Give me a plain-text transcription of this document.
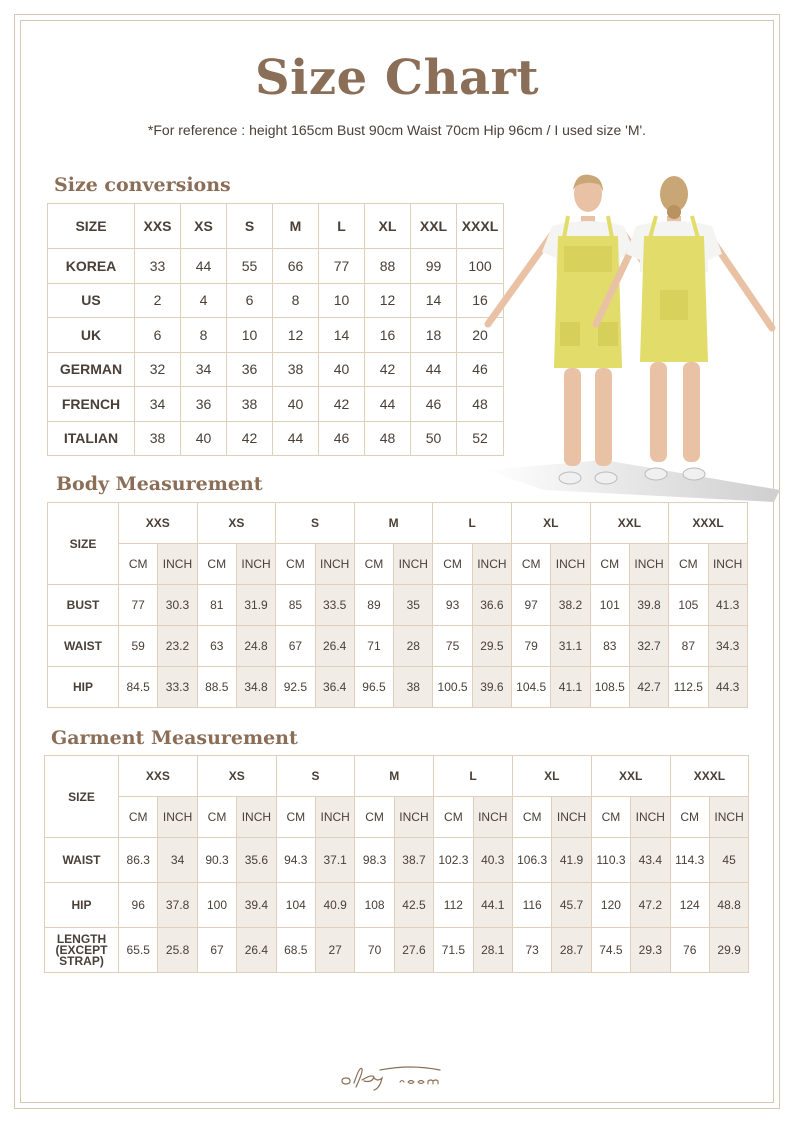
Size Chart
*For reference : height 165cm Bust 90cm Waist 70cm Hip 96cm / I used size 'M'.
Size conversions
SIZE	XXS	XS	S	M	L	XL	XXL	XXXL
KOREA	33	44	55	66	77	88	99	100
US	2	4	6	8	10	12	14	16
UK	6	8	10	12	14	16	18	20
GERMAN	32	34	36	38	40	42	44	46
FRENCH	34	36	38	40	42	44	46	48
ITALIAN	38	40	42	44	46	48	50	52
Body Measurement
SIZE	XXS		XS		S		M		L		XL		XXL		XXXL	
	CM	INCH	CM	INCH	CM	INCH	CM	INCH	CM	INCH	CM	INCH	CM	INCH	CM	INCH
BUST	77	30.3	81	31.9	85	33.5	89	35	93	36.6	97	38.2	101	39.8	105	41.3
WAIST	59	23.2	63	24.8	67	26.4	71	28	75	29.5	79	31.1	83	32.7	87	34.3
HIP	84.5	33.3	88.5	34.8	92.5	36.4	96.5	38	100.5	39.6	104.5	41.1	108.5	42.7	112.5	44.3
Garment Measurement
SIZE	XXS		XS		S		M		L		XL		XXL		XXXL	
	CM	INCH	CM	INCH	CM	INCH	CM	INCH	CM	INCH	CM	INCH	CM	INCH	CM	INCH
WAIST	86.3	34	90.3	35.6	94.3	37.1	98.3	38.7	102.3	40.3	106.3	41.9	110.3	43.4	114.3	45
HIP	96	37.8	100	39.4	104	40.9	108	42.5	112	44.1	116	45.7	120	47.2	124	48.8

LENGTH
(EXCEPT
STRAP)	65.5	25.8	67	26.4	68.5	27	70	27.6	71.5	28.1	73	28.7	74.5	29.3	76	29.9
